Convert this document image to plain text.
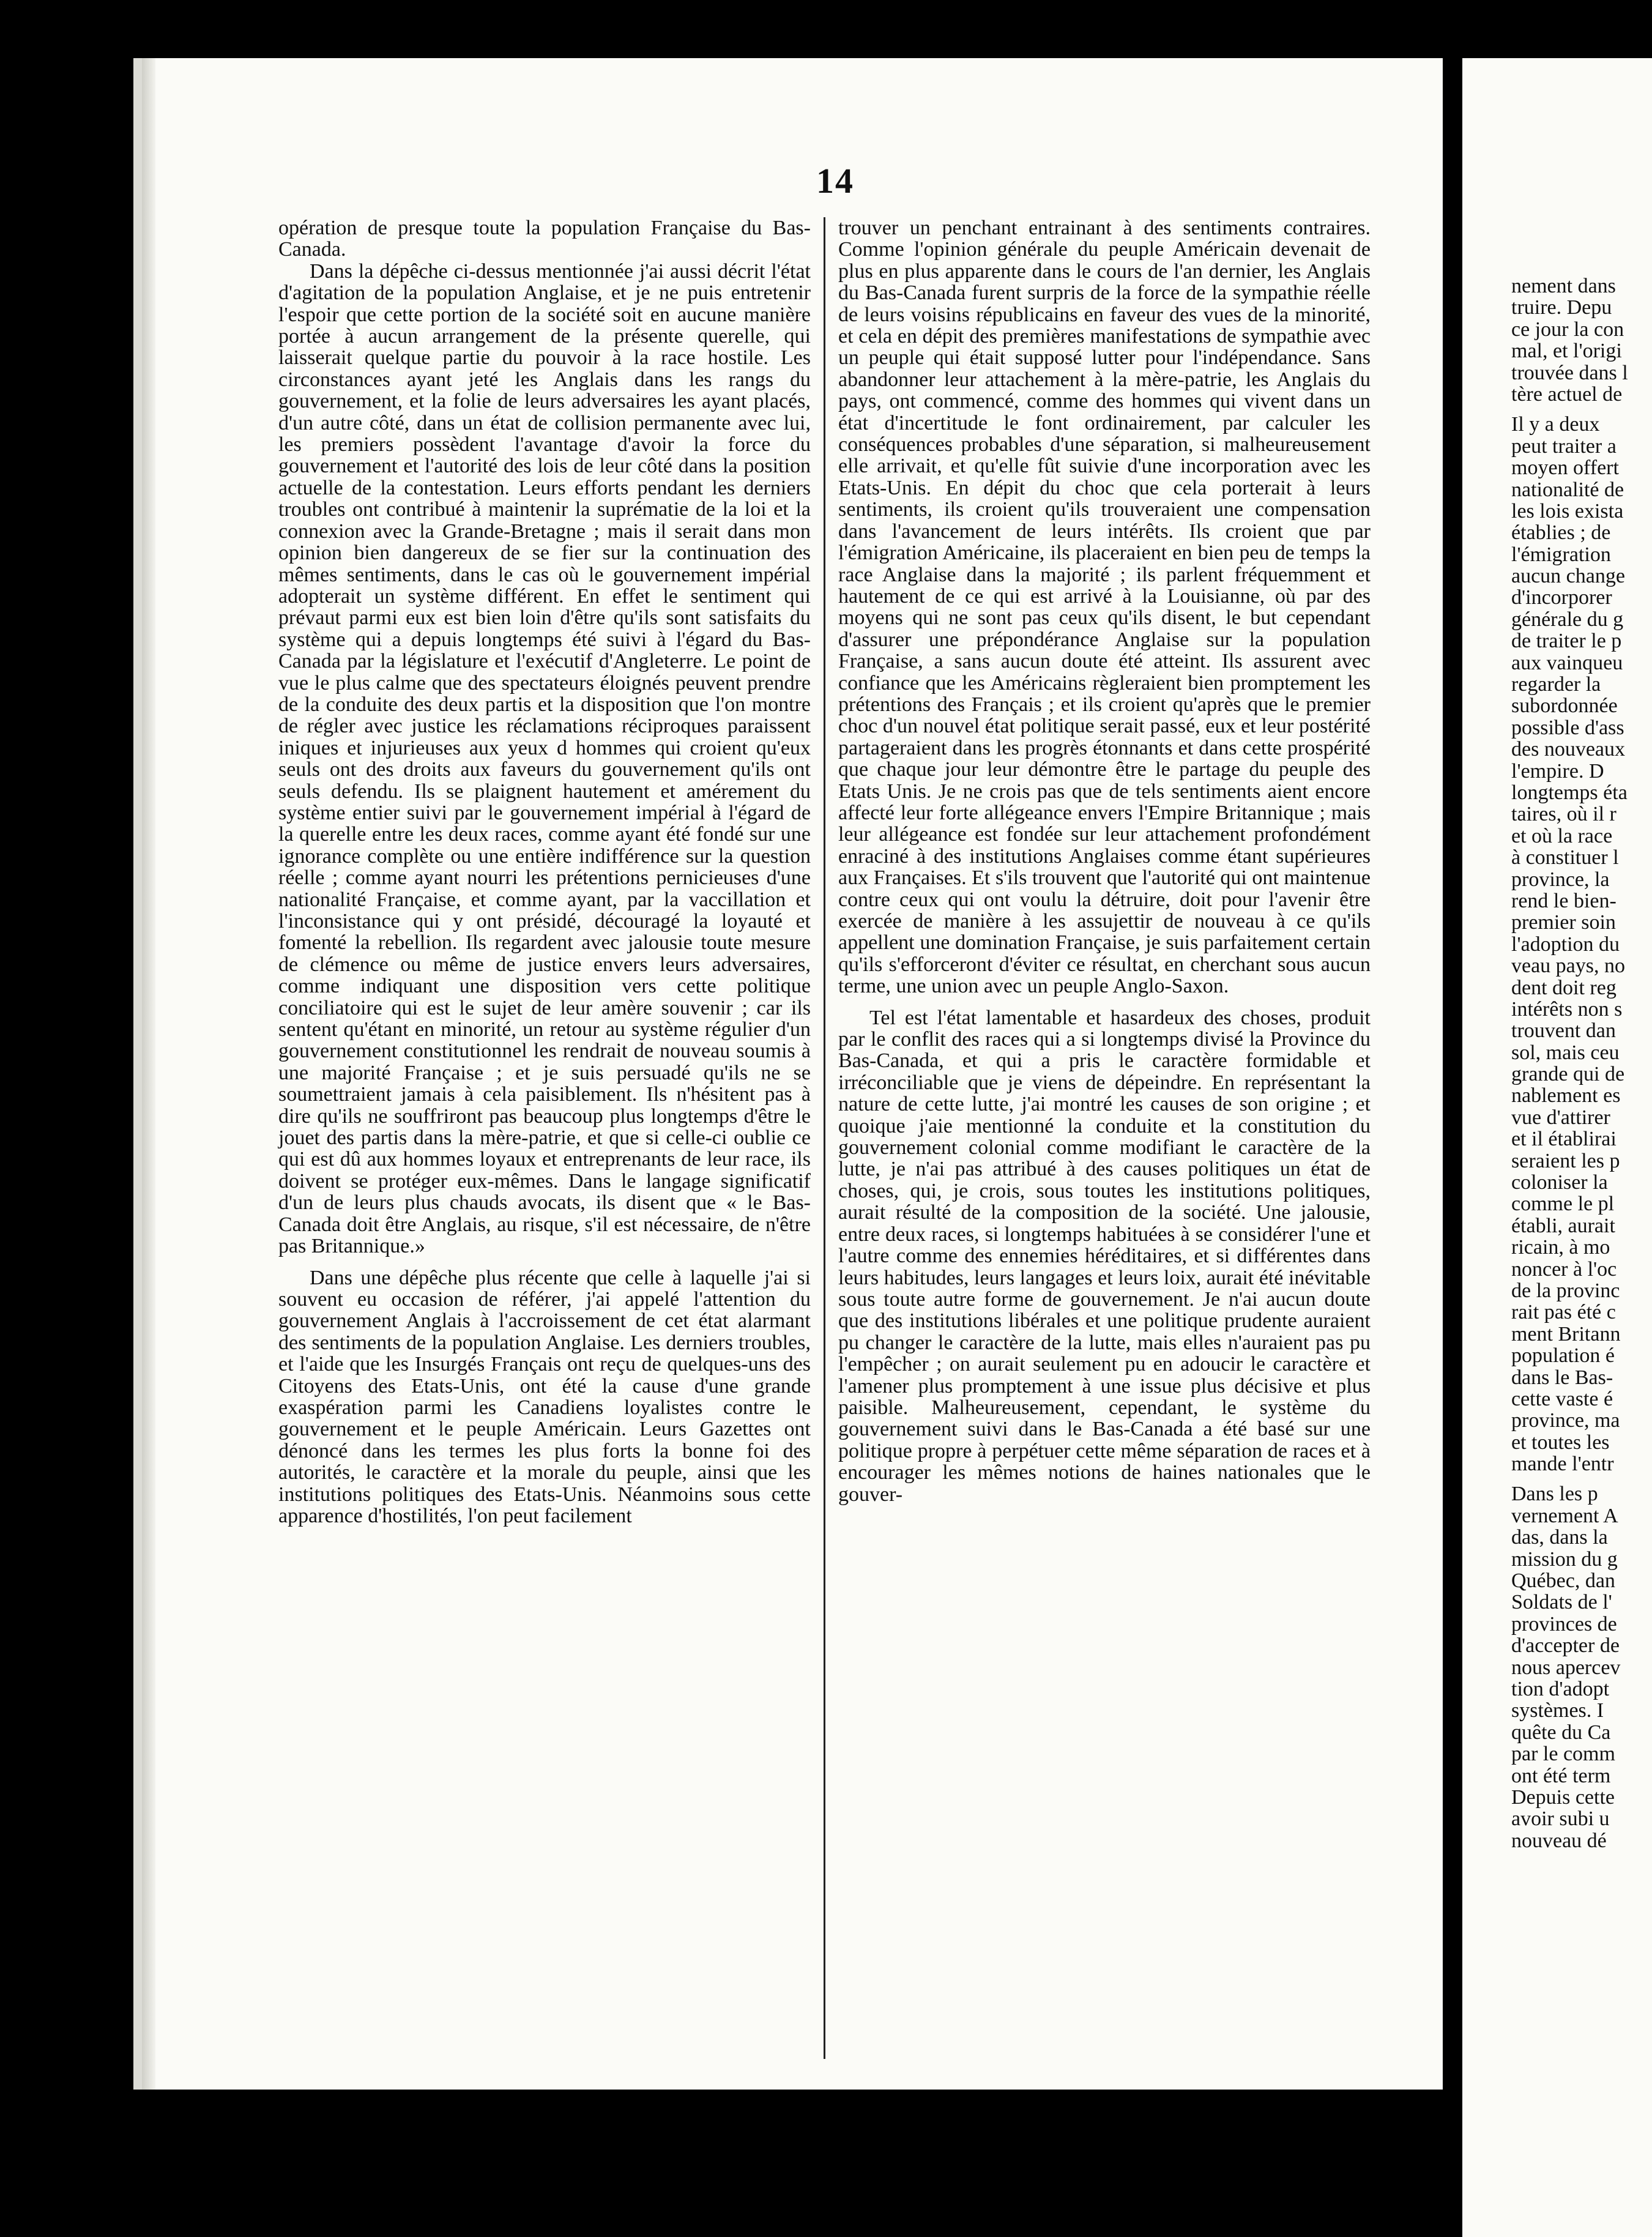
14

opération de presque toute la population Française du Bas-Canada.

Dans la dépêche ci-dessus mentionnée j'ai aussi décrit l'état d'agitation de la population Anglaise, et je ne puis entretenir l'espoir que cette portion de la société soit en aucune manière portée à aucun arrangement de la présente querelle, qui laisserait quelque partie du pouvoir à la race hostile. Les circonstances ayant jeté les Anglais dans les rangs du gouvernement, et la folie de leurs adversaires les ayant placés, d'un autre côté, dans un état de collision permanente avec lui, les premiers possèdent l'avantage d'avoir la force du gouvernement et l'autorité des lois de leur côté dans la position actuelle de la contestation. Leurs efforts pendant les derniers troubles ont contribué à maintenir la suprématie de la loi et la connexion avec la Grande-Bretagne ; mais il serait dans mon opinion bien dangereux de se fier sur la continuation des mêmes sentiments, dans le cas où le gouvernement impérial adopterait un système différent. En effet le sentiment qui prévaut parmi eux est bien loin d'être qu'ils sont satisfaits du système qui a depuis longtemps été suivi à l'égard du Bas-Canada par la législature et l'exécutif d'Angleterre. Le point de vue le plus calme que des spectateurs éloignés peuvent prendre de la conduite des deux partis et la disposition que l'on montre de régler avec justice les réclamations réciproques paraissent iniques et injurieuses aux yeux d hommes qui croient qu'eux seuls ont des droits aux faveurs du gouvernement qu'ils ont seuls defendu. Ils se plaignent hautement et amérement du système entier suivi par le gouvernement impérial à l'égard de la querelle entre les deux races, comme ayant été fondé sur une ignorance complète ou une entière indifférence sur la question réelle ; comme ayant nourri les prétentions pernicieuses d'une nationalité Française, et comme ayant, par la vaccillation et l'inconsistance qui y ont présidé, découragé la loyauté et fomenté la rebellion. Ils regardent avec jalousie toute mesure de clémence ou même de justice envers leurs adversaires, comme indiquant une disposition vers cette politique conciliatoire qui est le sujet de leur amère souvenir ; car ils sentent qu'étant en minorité, un retour au système régulier d'un gouvernement constitutionnel les rendrait de nouveau soumis à une majorité Française ; et je suis persuadé qu'ils ne se soumettraient jamais à cela paisiblement. Ils n'hésitent pas à dire qu'ils ne souffriront pas beaucoup plus longtemps d'être le jouet des partis dans la mère-patrie, et que si celle-ci oublie ce qui est dû aux hommes loyaux et entreprenants de leur race, ils doivent se protéger eux-mêmes. Dans le langage significatif d'un de leurs plus chauds avocats, ils disent que « le Bas-Canada doit être Anglais, au risque, s'il est nécessaire, de n'être pas Britannique.»

Dans une dépêche plus récente que celle à laquelle j'ai si souvent eu occasion de référer, j'ai appelé l'attention du gouvernement Anglais à l'accroissement de cet état alarmant des sentiments de la population Anglaise. Les derniers troubles, et l'aide que les Insurgés Français ont reçu de quelques-uns des Citoyens des Etats-Unis, ont été la cause d'une grande exaspération parmi les Canadiens loyalistes contre le gouvernement et le peuple Américain. Leurs Gazettes ont dénoncé dans les termes les plus forts la bonne foi des autorités, le caractère et la morale du peuple, ainsi que les institutions politiques des Etats-Unis. Néanmoins sous cette apparence d'hostilités, l'on peut facilement

trouver un penchant entrainant à des sentiments contraires. Comme l'opinion générale du peuple Américain devenait de plus en plus apparente dans le cours de l'an dernier, les Anglais du Bas-Canada furent surpris de la force de la sympathie réelle de leurs voisins républicains en faveur des vues de la minorité, et cela en dépit des premières manifestations de sympathie avec un peuple qui était supposé lutter pour l'indépendance. Sans abandonner leur attachement à la mère-patrie, les Anglais du pays, ont commencé, comme des hommes qui vivent dans un état d'incertitude le font ordinairement, par calculer les conséquences probables d'une séparation, si malheureusement elle arrivait, et qu'elle fût suivie d'une incorporation avec les Etats-Unis. En dépit du choc que cela porterait à leurs sentiments, ils croient qu'ils trouveraient une compensation dans l'avancement de leurs intérêts. Ils croient que par l'émigration Américaine, ils placeraient en bien peu de temps la race Anglaise dans la majorité ; ils parlent fréquemment et hautement de ce qui est arrivé à la Louisianne, où par des moyens qui ne sont pas ceux qu'ils disent, le but cependant d'assurer une prépondérance Anglaise sur la population Française, a sans aucun doute été atteint. Ils assurent avec confiance que les Américains règleraient bien promptement les prétentions des Français ; et ils croient qu'après que le premier choc d'un nouvel état politique serait passé, eux et leur postérité partageraient dans les progrès étonnants et dans cette prospérité que chaque jour leur démontre être le partage du peuple des Etats Unis. Je ne crois pas que de tels sentiments aient encore affecté leur forte allégeance envers l'Empire Britannique ; mais leur allégeance est fondée sur leur attachement profondément enraciné à des institutions Anglaises comme étant supérieures aux Françaises. Et s'ils trouvent que l'autorité qui ont maintenue contre ceux qui ont voulu la détruire, doit pour l'avenir être exercée de manière à les assujettir de nouveau à ce qu'ils appellent une domination Française, je suis parfaitement certain qu'ils s'efforceront d'éviter ce résultat, en cherchant sous aucun terme, une union avec un peuple Anglo-Saxon.

Tel est l'état lamentable et hasardeux des choses, produit par le conflit des races qui a si longtemps divisé la Province du Bas-Canada, et qui a pris le caractère formidable et irréconciliable que je viens de dépeindre. En représentant la nature de cette lutte, j'ai montré les causes de son origine ; et quoique j'aie mentionné la conduite et la constitution du gouvernement colonial comme modifiant le caractère de la lutte, je n'ai pas attribué à des causes politiques un état de choses, qui, je crois, sous toutes les institutions politiques, aurait résulté de la composition de la société. Une jalousie, entre deux races, si longtemps habituées à se considérer l'une et l'autre comme des ennemies héréditaires, et si différentes dans leurs habitudes, leurs langages et leurs loix, aurait été inévitable sous toute autre forme de gouvernement. Je n'ai aucun doute que des institutions libérales et une politique prudente auraient pu changer le caractère de la lutte, mais elles n'auraient pas pu l'empêcher ; on aurait seulement pu en adoucir le caractère et l'amener plus promptement à une issue plus décisive et plus paisible. Malheureusement, cependant, le système du gouvernement suivi dans le Bas-Canada a été basé sur une politique propre à perpétuer cette même séparation de races et à encourager les mêmes notions de haines nationales que le gouver-

nement dans
truire. Depu
ce jour la con
mal, et l'origi
trouvée dans l
tère actuel de
Il y a deux
peut traiter a
moyen offert
nationalité de
les lois exista
établies ; de
l'émigration
aucun change
d'incorporer
générale du g
de traiter le p
aux vainqueu
regarder la
subordonnée
possible d'ass
des nouveaux
l'empire. D
longtemps éta
taires, où il r
et où la race
à constituer l
province, la
rend le bien-
premier soin
l'adoption du
veau pays, no
dent doit reg
intérêts non s
trouvent dan
sol, mais ceu
grande qui de
nablement es
vue d'attirer
et il établirai
seraient les p
coloniser la
comme le pl
établi, aurait
ricain, à mo
noncer à l'oc
de la provinc
rait pas été c
ment Britann
population é
dans le Bas-
cette vaste é
province, ma
et toutes les
mande l'entr
Dans les p
vernement A
das, dans la
mission du g
Québec, dan
Soldats de l'
provinces de
d'accepter de
nous apercev
tion d'adopt
systèmes. I
quête du Ca
par le comm
ont été term
Depuis cette
avoir subi u
nouveau dé
